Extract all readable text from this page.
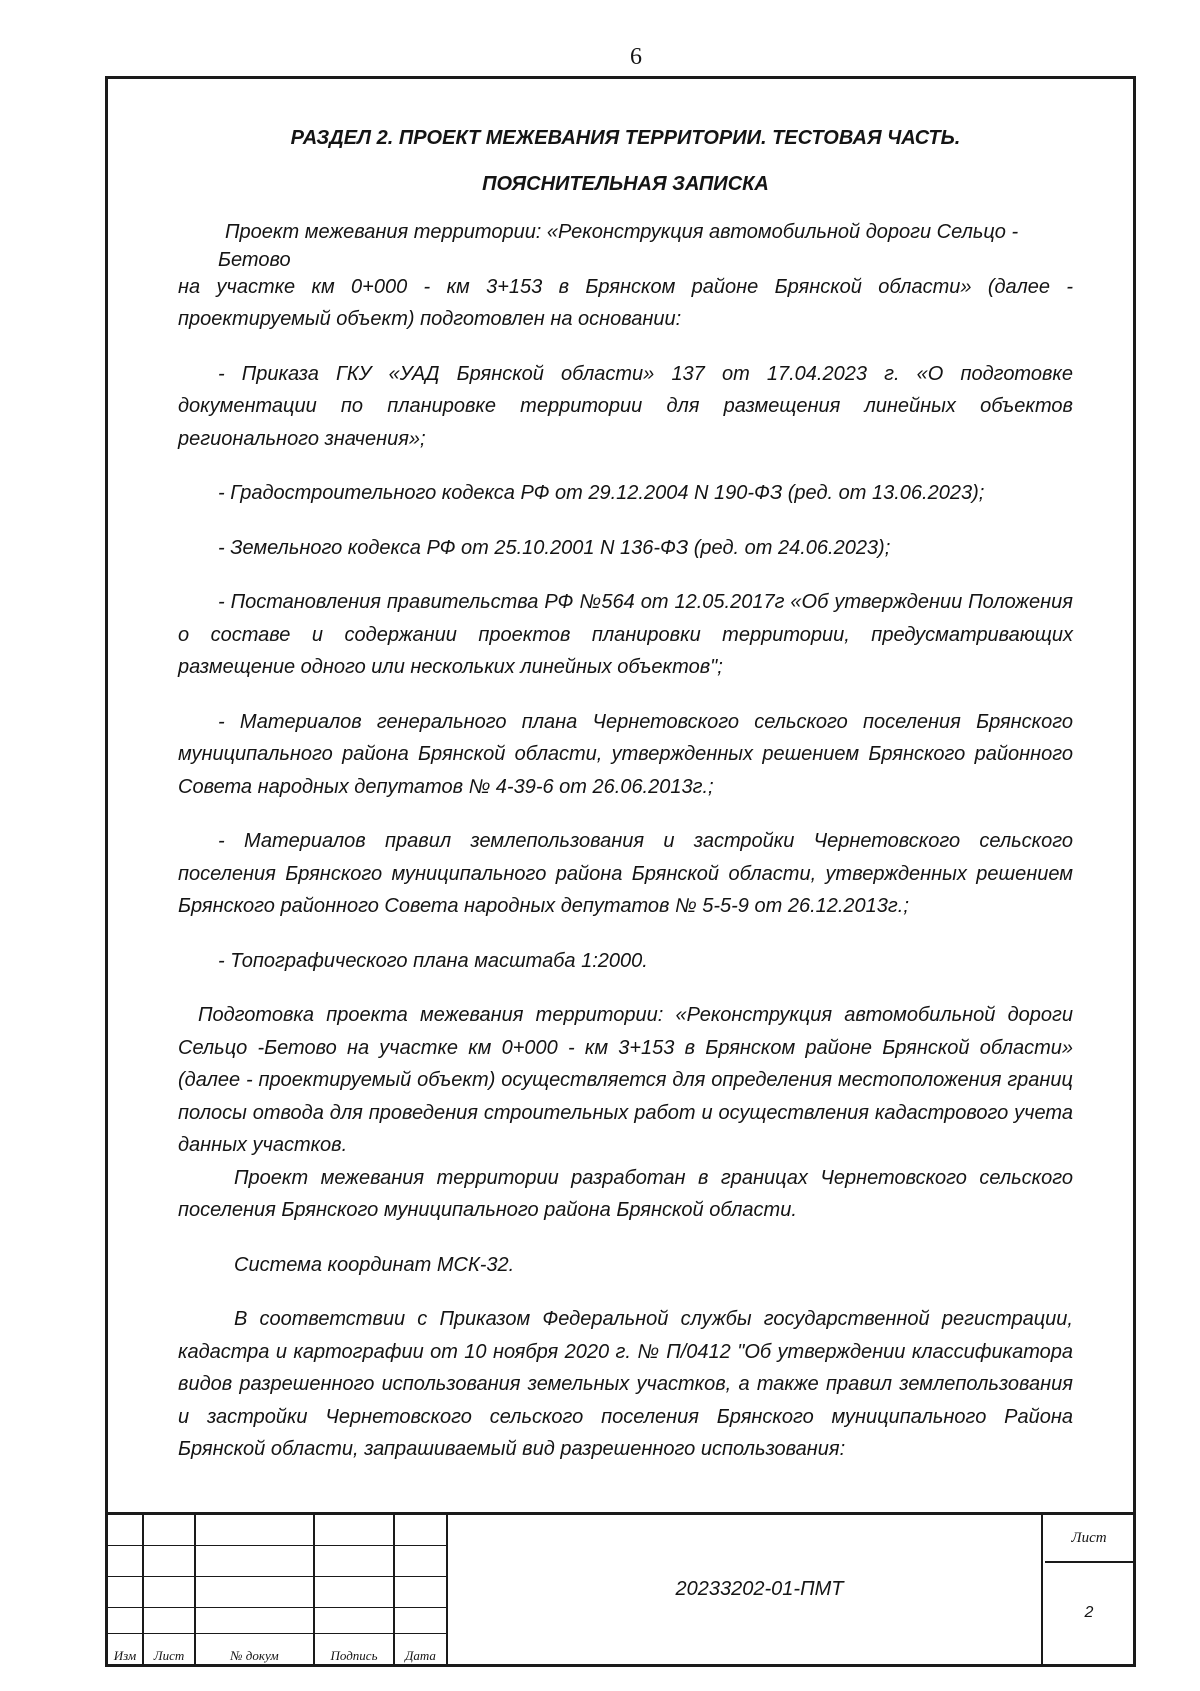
6
РАЗДЕЛ 2. ПРОЕКТ МЕЖЕВАНИЯ ТЕРРИТОРИИ. ТЕСТОВАЯ ЧАСТЬ.
ПОЯСНИТЕЛЬНАЯ ЗАПИСКА

Проект межевания территории: «Реконструкция автомобильной дороги Сельцо -

Бетово

на участке км 0+000 - км 3+153 в Брянском районе Брянской области» (далее - проектируемый объект) подготовлен на основании:

- Приказа ГКУ «УАД Брянской области» 137 от 17.04.2023 г. «О подготовке документации по планировке территории для размещения линейных объектов регионального значения»;

- Градостроительного кодекса РФ от 29.12.2004 N 190-ФЗ (ред. от 13.06.2023);

- Земельного кодекса РФ от 25.10.2001 N 136-ФЗ (ред. от 24.06.2023);

- Постановления правительства РФ №564 от 12.05.2017г «Об утверждении Положения о составе и содержании проектов планировки территории, предусматривающих размещение одного или нескольких линейных объектов";

- Материалов генерального плана Чернетовского сельского поселения Брянского муниципального района Брянской области, утвержденных решением Брянского районного Совета народных депутатов № 4-39-6 от 26.06.2013г.;

- Материалов правил землепользования и застройки Чернетовского сельского поселения Брянского муниципального района Брянской области, утвержденных решением Брянского районного Совета народных депутатов № 5-5-9 от 26.12.2013г.;

- Топографического плана масштаба 1:2000.

Подготовка проекта межевания территории: «Реконструкция автомобильной дороги Сельцо -Бетово на участке км 0+000 - км 3+153 в Брянском районе Брянской области» (далее - проектируемый объект) осуществляется для определения местоположения границ полосы отвода для проведения строительных работ и осуществления кадастрового учета данных участков.

Проект межевания территории разработан в границах Чернетовского сельского поселения Брянского муниципального района Брянской области.

Система координат МСК-32.

В соответствии с Приказом Федеральной службы государственной регистрации, кадастра и картографии от 10 ноября 2020 г. № П/0412 "Об утверждении классификатора видов разрешенного использования земельных участков, а также правил землепользования и застройки Чернетовского сельского поселения Брянского муниципального Района Брянской области, запрашиваемый вид разрешенного использования:

Изм	Лист	№ докум	Подпись	Дата
20233202-01-ПМТ
Лист
2
